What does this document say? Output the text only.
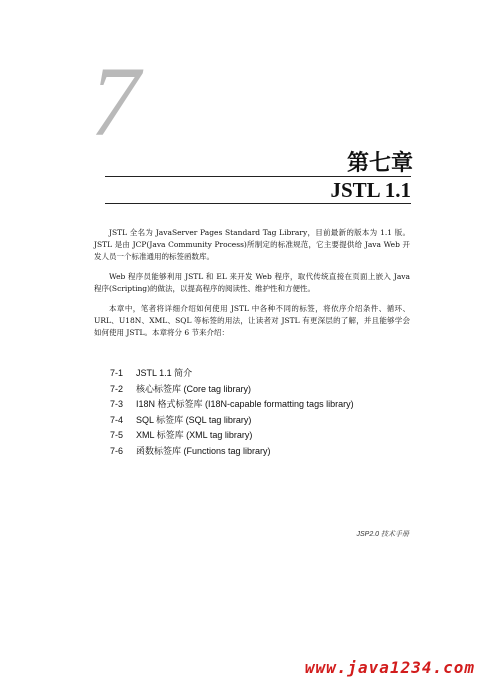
7
第七章
JSTL 1.1

JSTL 全名为 JavaServer Pages Standard Tag Library，目前最新的版本为 1.1 版。JSTL 是由 JCP(Java Community Process)所制定的标准规范，它主要提供给 Java Web 开发人员一个标准通用的标签函数库。

Web 程序员能够利用 JSTL 和 EL 来开发 Web 程序，取代传统直接在页面上嵌入 Java 程序(Scripting)的做法，以提高程序的阅读性、维护性和方便性。

本章中，笔者将详细介绍如何使用 JSTL 中各种不同的标签，将依序介绍条件、循环、URL、U18N、XML、SQL 等标签的用法，让读者对 JSTL 有更深层的了解，并且能够学会如何使用 JSTL。本章将分 6 节来介绍：

7-1 JSTL 1.1 简介
7-2 核心标签库 (Core tag library)
7-3 I18N 格式标签库 (I18N-capable formatting tags library)
7-4 SQL 标签库 (SQL tag library)
7-5 XML 标签库 (XML tag library)
7-6 函数标签库 (Functions tag library)
JSP2.0 技术手册
www.java1234.com
